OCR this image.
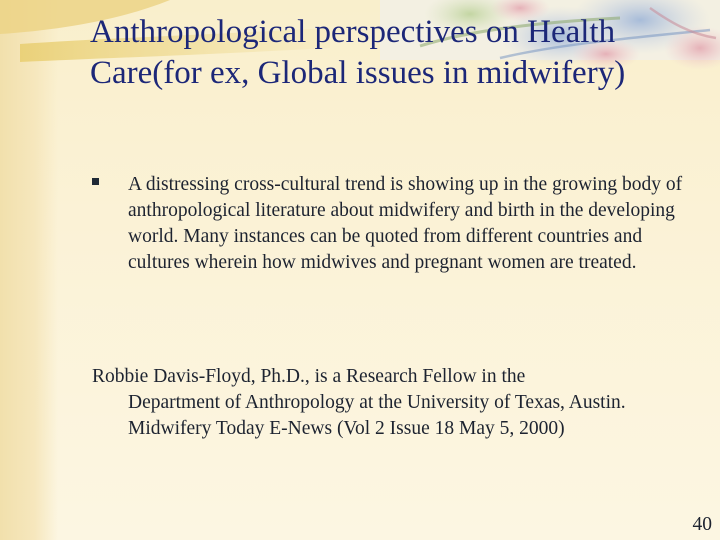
Anthropological perspectives on Health Care(for ex, Global issues in midwifery)

A distressing cross-cultural trend is showing up in the growing body of anthropological literature about midwifery and birth in the developing world. Many instances can be quoted from different countries and cultures wherein how midwives and pregnant women are treated.

Robbie Davis-Floyd, Ph.D., is a Research Fellow in the

Department of Anthropology at the University of Texas, Austin.

Midwifery Today E-News (Vol 2 Issue 18 May 5, 2000)

40
